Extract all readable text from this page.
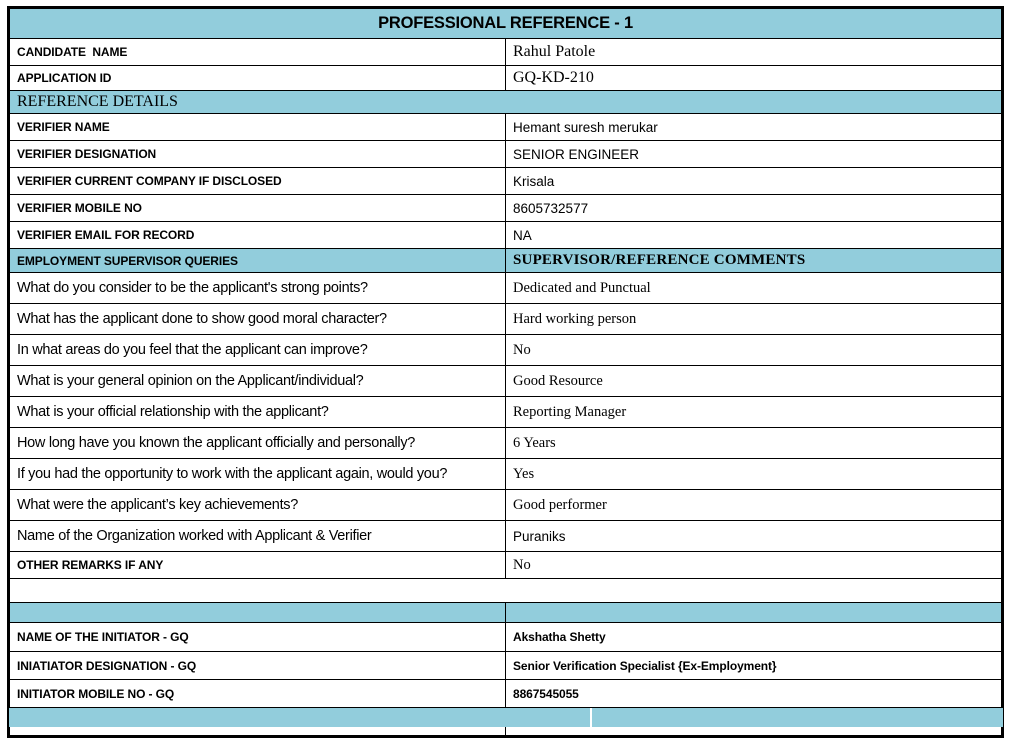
PROFESSIONAL REFERENCE - 1	
CANDIDATE  NAME	Rahul Patole
APPLICATION ID	GQ-KD-210
REFERENCE DETAILS	
VERIFIER NAME	Hemant suresh merukar
VERIFIER DESIGNATION	SENIOR ENGINEER
VERIFIER CURRENT COMPANY IF DISCLOSED	Krisala
VERIFIER MOBILE NO	8605732577
VERIFIER EMAIL FOR RECORD	NA
EMPLOYMENT SUPERVISOR QUERIES	SUPERVISOR/REFERENCE COMMENTS
What do you consider to be the applicant's strong points?	Dedicated and Punctual
What has the applicant done to show good moral character?	Hard working person
In what areas do you feel that the applicant can improve?	No
What is your general opinion on the Applicant/individual?	Good Resource
What is your official relationship with the applicant?	Reporting Manager
How long have you known the applicant officially and personally?	6 Years
If you had the opportunity to work with the applicant again, would you?	Yes
What were the applicant’s key achievements?	Good performer
Name of the Organization worked with Applicant & Verifier	Puraniks
OTHER REMARKS IF ANY	No

NAME OF THE INITIATOR - GQ	Akshatha Shetty
INIATIATOR DESIGNATION - GQ	Senior Verification Specialist {Ex-Employment}
INITIATOR MOBILE NO - GQ	8867545055
